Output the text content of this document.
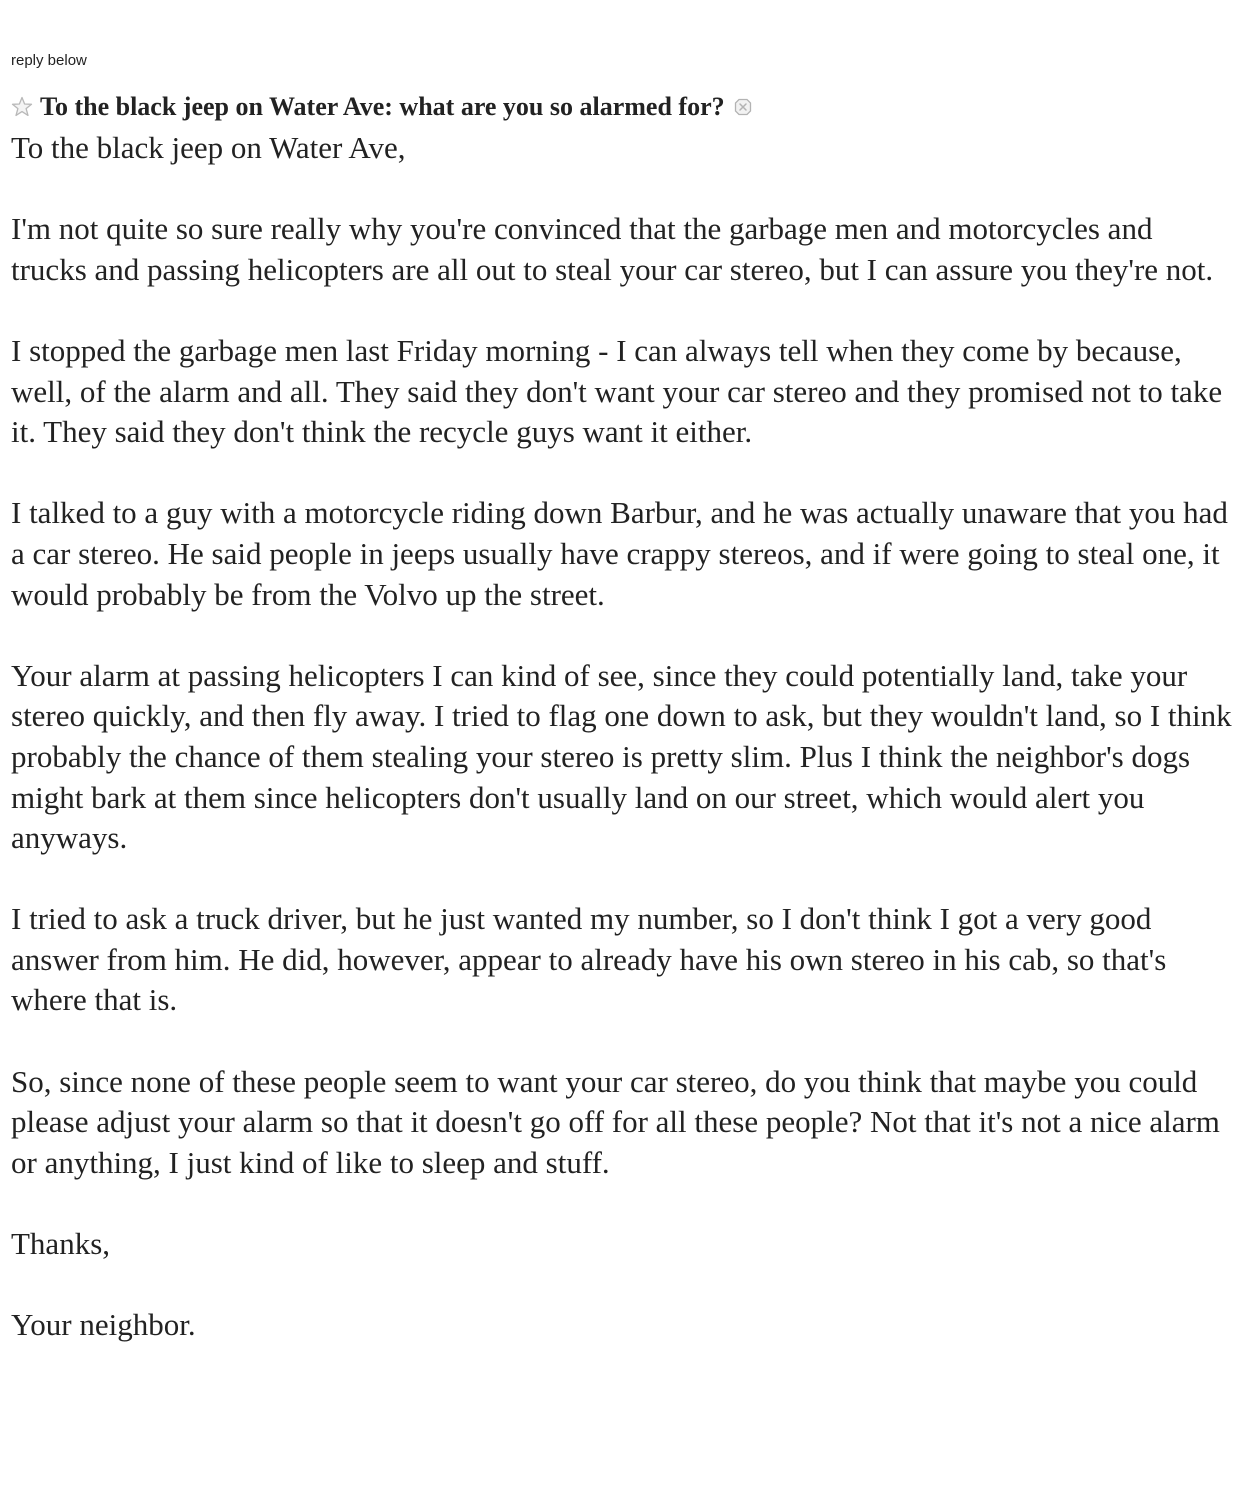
reply below
To the black jeep on Water Ave: what are you so alarmed for?

To the black jeep on Water Ave,

I'm not quite so sure really why you're convinced that the garbage men and motorcycles and trucks and passing helicopters are all out to steal your car stereo, but I can assure you they're not.

I stopped the garbage men last Friday morning - I can always tell when they come by because, well, of the alarm and all. They said they don't want your car stereo and they promised not to take it. They said they don't think the recycle guys want it either.

I talked to a guy with a motorcycle riding down Barbur, and he was actually unaware that you had a car stereo. He said people in jeeps usually have crappy stereos, and if were going to steal one, it would probably be from the Volvo up the street.

Your alarm at passing helicopters I can kind of see, since they could potentially land, take your stereo quickly, and then fly away. I tried to flag one down to ask, but they wouldn't land, so I think probably the chance of them stealing your stereo is pretty slim. Plus I think the neighbor's dogs might bark at them since helicopters don't usually land on our street, which would alert you anyways.

I tried to ask a truck driver, but he just wanted my number, so I don't think I got a very good answer from him. He did, however, appear to already have his own stereo in his cab, so that's where that is.

So, since none of these people seem to want your car stereo, do you think that maybe you could please adjust your alarm so that it doesn't go off for all these people? Not that it's not a nice alarm or anything, I just kind of like to sleep and stuff.

Thanks,

Your neighbor.
